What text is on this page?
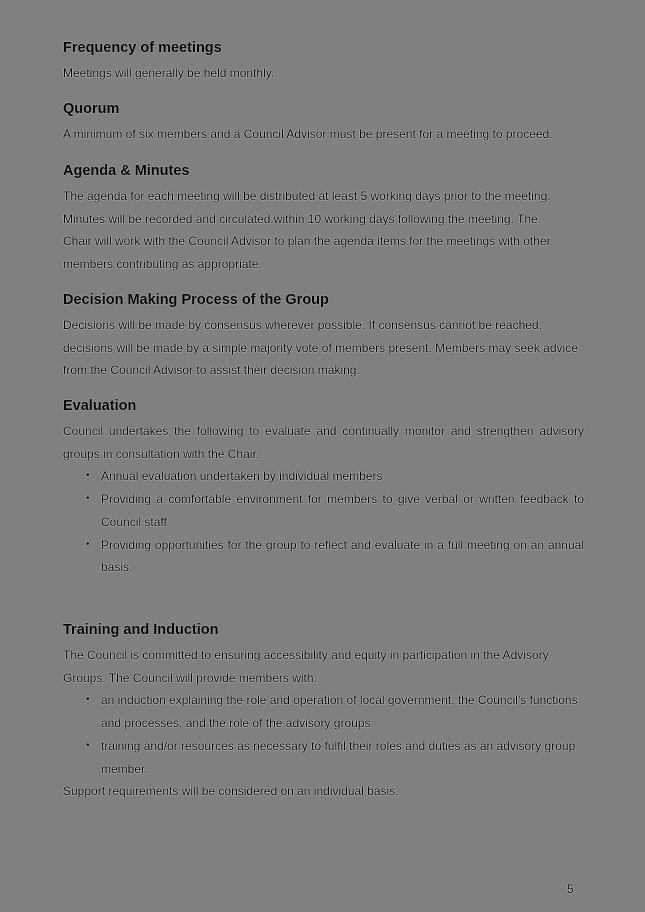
Frequency of meetings

Meetings will generally be held monthly.

Quorum

A minimum of six members and a Council Advisor must be present for a meeting to proceed.

Agenda & Minutes

The agenda for each meeting will be distributed at least 5 working days prior to the meeting. Minutes will be recorded and circulated within 10 working days following the meeting. The Chair will work with the Council Advisor to plan the agenda items for the meetings with other members contributing as appropriate.

Decision Making Process of the Group

Decisions will be made by consensus wherever possible. If consensus cannot be reached, decisions will be made by a simple majority vote of members present. Members may seek advice from the Council Advisor to assist their decision making.

Evaluation

Council undertakes the following to evaluate and continually monitor and strengthen advisory groups in consultation with the Chair:

• Annual evaluation undertaken by individual members
• Providing a comfortable environment for members to give verbal or written feedback to Council staff
• Providing opportunities for the group to reflect and evaluate in a full meeting on an annual basis.
Training and Induction

The Council is committed to ensuring accessibility and equity in participation in the Advisory Groups. The Council will provide members with:

• an induction explaining the role and operation of local government, the Council's functions and processes, and the role of the advisory groups
• training and/or resources as necessary to fulfil their roles and duties as an advisory group member.

Support requirements will be considered on an individual basis.

5
